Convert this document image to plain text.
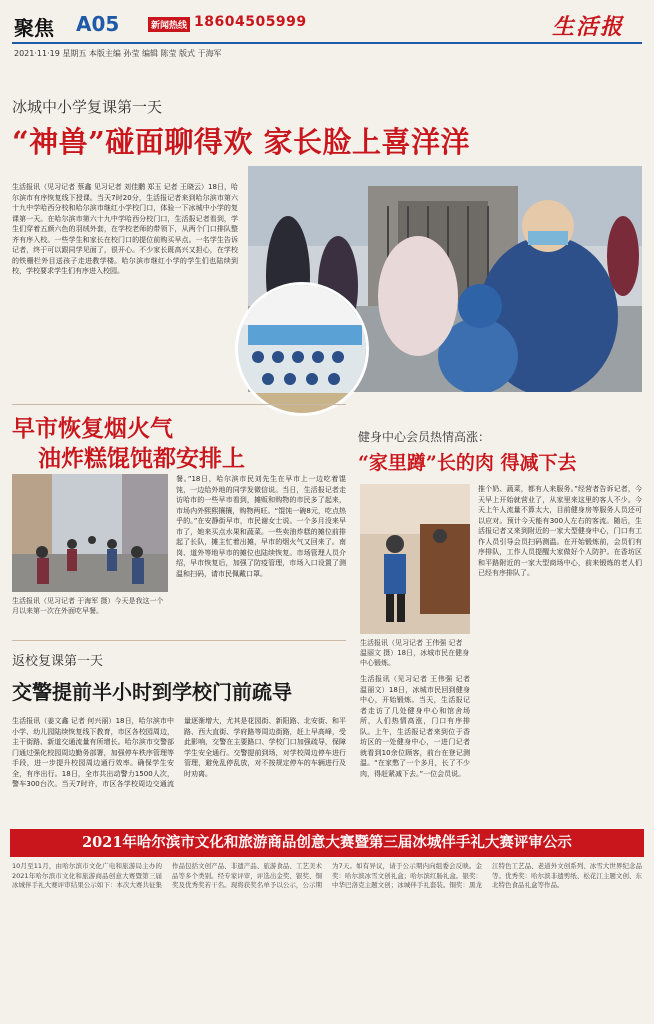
聚焦 A05	新闻热线 18604505999	生活报
2021·11·19 星期五 本版主编 孙莹 编辑 陈莹 版式 于海军
冰城中小学复课第一天
“神兽”碰面聊得欢 家长脸上喜洋洋
生活报讯（见习记者 蔡鑫 见习记者 刘佳鹏 郑玉 记者 王晓云）18日，哈尔滨市有序恢复线下授课。当天7时20分，生活报记者来到哈尔滨市第六十九中学哈西分校和哈尔滨市继红小学校门口，体验一下冰城中小学的复课第一天。在哈尔滨市第六十九中学哈西分校门口，生活报记者看到，学生们穿着五颜六色的羽绒外套，在学校老师的带领下，从两个门口排队整齐有序入校。一些学生和家长在校门口的提位前购买早点。一名学生告诉记者，终于可以跟同学见面了，很开心。不少家长既高兴又担心，在学校的铁栅栏外目送孩子走进教学楼。哈尔滨市继红小学的学生们也陆续到校，学校要求学生们有序进入校园。
早市恢复烟火气
油炸糕馄饨都安排上
生活报讯（见习记者 于海军 摄）今天是我这一个月以来第一次在外面吃早餐。
餐。”18日，哈尔滨市民刘先生在早市上一边吃着馄饨，一边给外地的同学发微信说。当日，生活报记者走访哈市的一些早市看到，摊贩和购物的市民多了起来，市场内外熙熙攘攘，购物两旺。“馄饨一碗8元，吃点热乎的。”在安静街早市，市民谢女士说。一个多月没来早市了，她来买点水果和蔬菜。一些卖油炸糕的摊位前排起了长队，摊主忙着出摊，早市的烟火气又回来了。南岗、道外等地早市的摊位也陆续恢复。市场管理人员介绍，早市恢复后，加强了防疫管理，市场入口设置了测温和扫码，请市民佩戴口罩。
健身中心会员热情高涨：
“家里蹲”长的肉 得减下去
生活报讯（见习记者 王伟强 记者 温丽文 摄）18日，冰城市民在健身中心锻炼。
生活报讯（见习记者 王伟强 记者 温丽文）18日，冰城市民回到健身中心，开始锻炼。当天，生活报记者走访了几处健身中心和馆舍场所，人们热情高涨，门口有序排队。上午，生活报记者来到位于香坊区的一处健身中心，一进门记者就看到10余位顾客，前台在登记测温。“在家憋了一个多月，长了不少肉，得赶紧减下去。”一位会员说。
推个奶、蔬菜，都有人来服务。”经营者告诉记者，今天早上开始就营业了，从家里来这里的客人不少。今天上午人流量不算太大，目前健身房等服务人员还可以应对。预计今天能有300人左右的客流。随后，生活报记者又来到附近的一家大型健身中心，门口有工作人员引导会员扫码测温。在开始锻炼前，会员们有序排队，工作人员提醒大家做好个人防护。在香坊区和平路附近的一家大型商场中心，前来锻炼的老人们已经有序排队了。
返校复课第一天
交警提前半小时到学校门前疏导
生活报讯（姜文鑫 记者 何兴丽）18日，哈尔滨市中小学、幼儿园陆续恢复线下教育，市区各校园周边，主干街路、新道交通流量有所增长。哈尔滨市交警部门通过强化校园周边勤务部署，加强停车秩序管理等手段，进一步提升校园周边通行效率。确保学生安全，有序出行。18日，全市共出动警力1500人次，警车300台次。当天7时许，市区各学校周边交通流量逐渐增大，尤其是花园街、新阳路、北安街、和平路、西大直街、学府路等周边街路，赶上早高峰，受此影响，交警在主要路口、学校门口加强疏导，保障学生安全通行。交警提前到场，对学校周边停车进行管理，避免乱停乱放，对不按规定停车的车辆进行及时劝离。
2021年哈尔滨市文化和旅游商品创意大赛暨第三届冰城伴手礼大赛评审公示
10月至11月，由哈尔滨市文化广电和旅游局主办的2021年哈尔滨市文化和旅游商品创意大赛暨第三届冰城伴手礼大赛评审结果公示如下：本次大赛共征集作品包括文创产品、非遗产品、旅游食品、工艺美术品等多个类别。经专家评审，评选出金奖、银奖、铜奖及优秀奖若干名。现将获奖名单予以公示，公示期为7天。如有异议，请于公示期内向组委会反映。金奖：哈尔滨冰雪文创礼盒；哈尔滨红肠礼盒。银奖：中华巴洛克主题文创；冰城伴手礼套装。铜奖：黑龙江特色工艺品、老道外文创系列、冰雪大世界纪念品等。优秀奖：哈尔滨非遗剪纸、松花江主题文创、东北特色食品礼盒等作品。
